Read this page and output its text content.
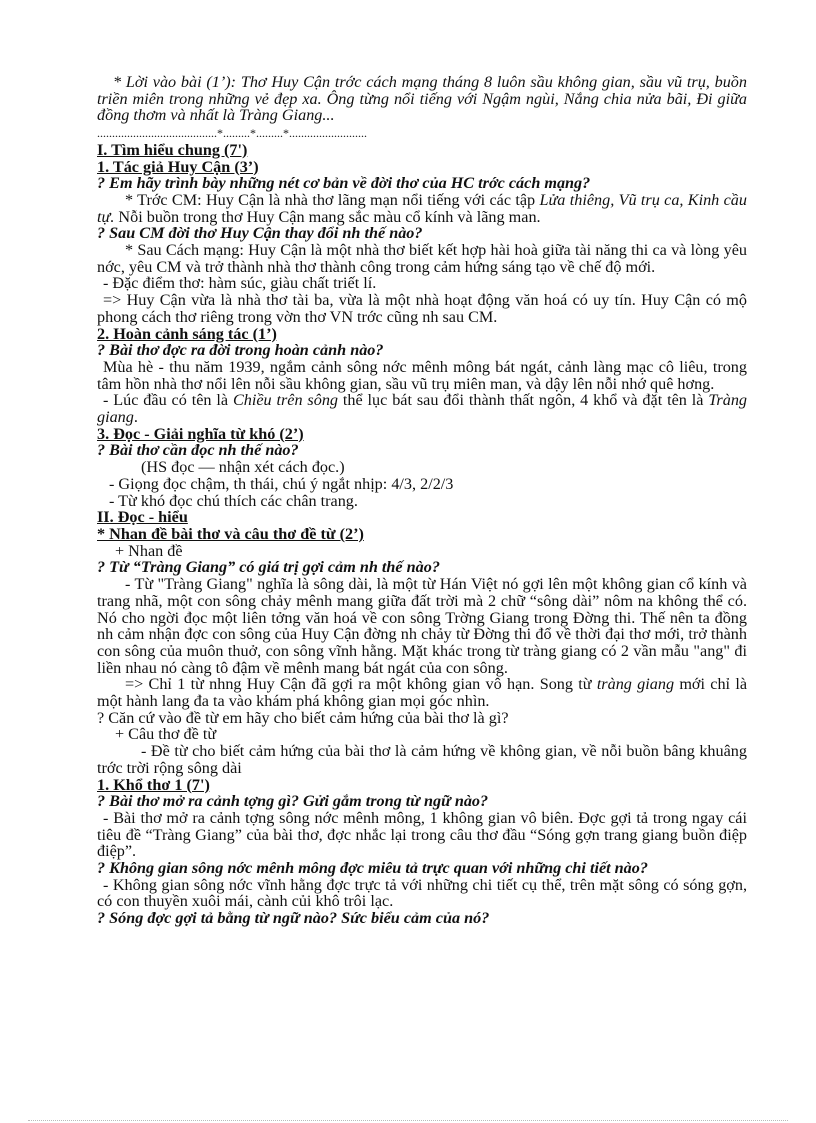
* Lời vào bài (1’): Thơ Huy Cận trớc cách mạng tháng 8 luôn sầu không gian, sầu vũ trụ, buồn triền miên trong những vẻ đẹp xa. Ông từng nổi tiếng với Ngậm ngùi, Nắng chia nửa bãi, Đi giữa đồng thơm và nhất là Tràng Giang...

........................................*.........*.........*..........................

I. Tìm hiểu chung (7')

1. Tác giả Huy Cận (3’)

? Em hãy trình bày những nét cơ bản về đời thơ của HC trớc cách mạng?

* Trớc CM: Huy Cận là nhà thơ lãng mạn nổi tiếng với các tập Lửa thiêng, Vũ trụ ca, Kinh cầu tự. Nỗi buồn trong thơ Huy Cận mang sắc màu cổ kính và lãng man.

? Sau CM đời thơ Huy Cận thay đổi nh thế nào?

* Sau Cách mạng: Huy Cận là một nhà thơ biết kết hợp hài hoà giữa tài năng thi ca và lòng yêu nớc, yêu CM và trở thành nhà thơ thành công trong cảm hứng sáng tạo về chế độ mới.

- Đặc điểm thơ: hàm súc, giàu chất triết lí.

=> Huy Cận vừa là nhà thơ tài ba, vừa là một nhà hoạt động văn hoá có uy tín. Huy Cận có mộ phong cách thơ riêng trong vờn thơ VN trớc cũng nh sau CM.

2. Hoàn cảnh sáng tác (1’)

? Bài thơ đợc ra đời trong hoàn cảnh nào?

Mùa hè - thu năm 1939, ngắm cảnh sông nớc mênh mông bát ngát, cảnh làng mạc cô liêu, trong tâm hồn nhà thơ nổi lên nỗi sầu không gian, sầu vũ trụ miên man, và dậy lên nỗi nhớ quê hơng.

- Lúc đầu có tên là Chiều trên sông thể lục bát sau đổi thành thất ngôn, 4 khổ và đặt tên là Tràng giang.

3. Đọc - Giải nghĩa từ khó (2’)

? Bài thơ cần đọc nh thế nào?

(HS đọc — nhận xét cách đọc.)

- Giọng đọc chậm, th thái, chú ý ngắt nhịp: 4/3, 2/2/3

- Từ khó đọc chú thích các chân trang.

II. Đọc - hiểu

* Nhan đề bài thơ và câu thơ đề từ (2’)

+ Nhan đề

? Từ “Tràng Giang” có giá trị gợi cảm nh thế nào?

- Từ "Tràng Giang" nghĩa là sông dài, là một từ Hán Việt nó gợi lên một không gian cổ kính và trang nhã, một con sông chảy mênh mang giữa đất trời mà 2 chữ “sông dài” nôm na không thể có. Nó cho ngời đọc một liên tởng văn hoá về con sông Trờng Giang trong Đờng thi. Thế nên ta đồng nh cảm nhận đợc con sông của Huy Cận đờng nh chảy từ Đờng thi đổ về thời đại thơ mới, trở thành con sông của muôn thuở, con sông vĩnh hằng. Mặt khác trong từ tràng giang có 2 vần mẫu "ang" đi liền nhau nó càng tô đậm về mênh mang bát ngát của con sông.

=> Chỉ 1 từ nhng Huy Cận đã gợi ra một không gian vô hạn. Song từ tràng giang mới chỉ là một hành lang đa ta vào khám phá không gian mọi góc nhìn.

? Căn cứ vào đề từ em hãy cho biết cảm hứng của bài thơ là gì?

+ Câu thơ đề từ

- Đề từ cho biết cảm hứng của bài thơ là cảm hứng về không gian, về nỗi buồn bâng khuâng trớc trời rộng sông dài

1. Khổ thơ 1 (7')

? Bài thơ mở ra cảnh tợng gì? Gửi gắm trong từ ngữ nào?

- Bài thơ mở ra cảnh tợng sông nớc mênh mông, 1 không gian vô biên. Đợc gợi tả trong ngay cái tiêu đề “Tràng Giang” của bài thơ, đợc nhắc lại trong câu thơ đầu “Sóng gợn trang giang buồn điệp điệp”.

? Không gian sông nớc mênh mông đợc miêu tả trực quan với những chi tiết nào?

- Không gian sông nớc vĩnh hằng đợc trực tả với những chi tiết cụ thể, trên mặt sông có sóng gợn, có con thuyền xuôi mái, cành củi khô trôi lạc.

? Sóng đợc gợi tả bằng từ ngữ nào? Sức biểu cảm của nó?
